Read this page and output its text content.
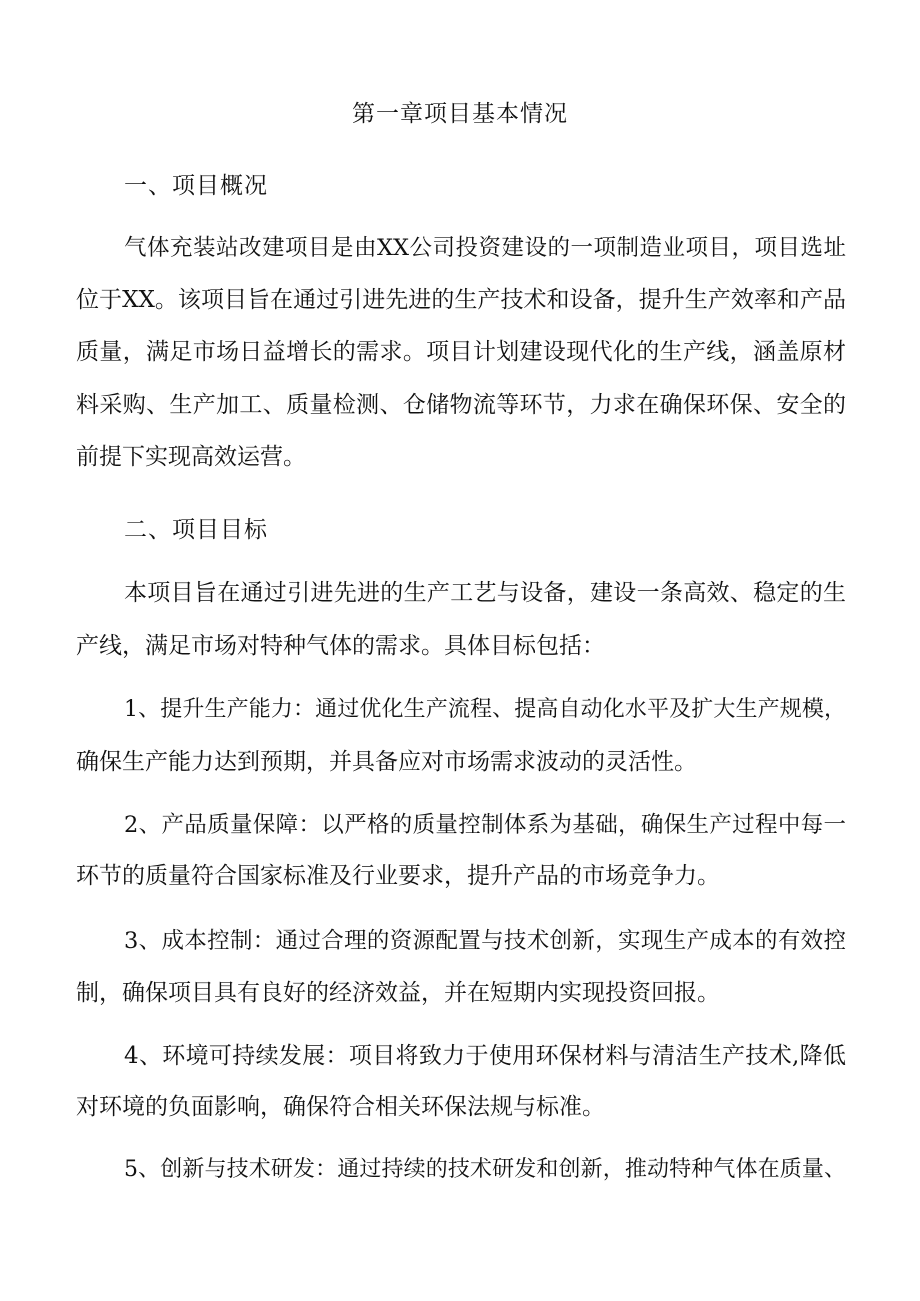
第一章项目基本情况
一、项目概况
气体充装站改建项目是由XX公司投资建设的一项制造业项目，项目选址
位于XX。该项目旨在通过引进先进的生产技术和设备，提升生产效率和产品
质量，满足市场日益增长的需求。项目计划建设现代化的生产线，涵盖原材
料采购、生产加工、质量检测、仓储物流等环节，力求在确保环保、安全的
前提下实现高效运营。
二、项目目标
本项目旨在通过引进先进的生产工艺与设备，建设一条高效、稳定的生
产线，满足市场对特种气体的需求。具体目标包括：
1、提升生产能力：通过优化生产流程、提高自动化水平及扩大生产规模，
确保生产能力达到预期，并具备应对市场需求波动的灵活性。
2、产品质量保障：以严格的质量控制体系为基础，确保生产过程中每一
环节的质量符合国家标准及行业要求，提升产品的市场竞争力。
3、成本控制：通过合理的资源配置与技术创新，实现生产成本的有效控
制，确保项目具有良好的经济效益，并在短期内实现投资回报。
4、环境可持续发展：项目将致力于使用环保材料与清洁生产技术,降低
对环境的负面影响，确保符合相关环保法规与标准。
5、创新与技术研发：通过持续的技术研发和创新，推动特种气体在质量、
